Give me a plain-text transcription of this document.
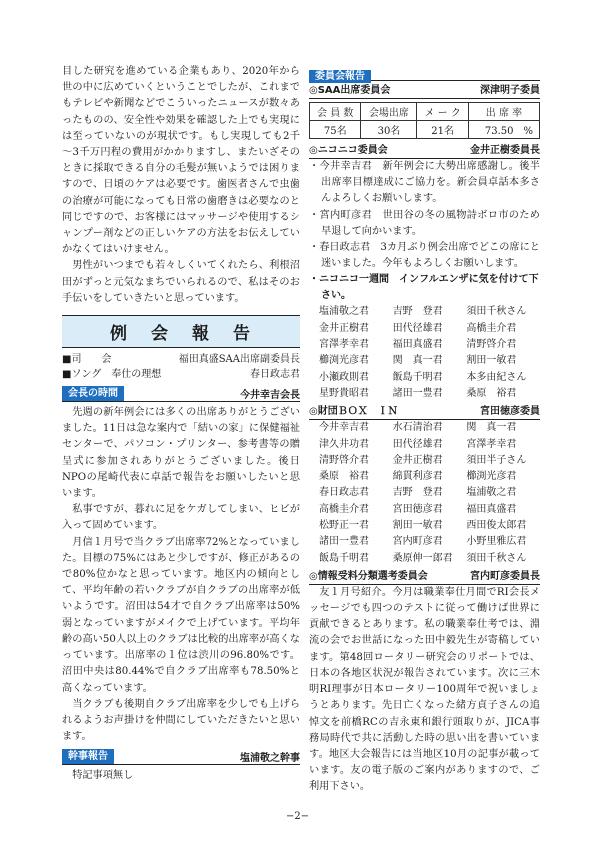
目した研究を進めている企業もあり、2020年から世の中に広めていくということでしたが、これまでもテレビや新聞などでこういったニュースが数々あったものの、安全性や効果を確認した上でも実現には至っていないのが現状です。もし実現しても2千～3千万円程の費用がかかりますし、またいざそのときに採取できる自分の毛髪が無いようでは困りますので、日頃のケアは必要です。歯医者さんで虫歯の治療が可能になっても日常の歯磨きは必要なのと同じですので、お客様にはマッサージや使用するシャンプー剤などの正しいケアの方法をお伝えしていかなくてはいけません。

男性がいつまでも若々しくいてくれたら、利根沼田がずっと元気なまちでいられるので、私はそのお手伝いをしていきたいと思っています。

例 会 報 告
■司　　会	福田真盛SAA出席副委員長
■ソング　奉仕の理想	春日政志君
会長の時間	今井幸吉会長

先週の新年例会には多くの出席ありがとうございました。11日は急な案内で「結いの家」に保健福祉センターで、パソコン・プリンター、参考書等の贈呈式に参加されありがとうございました。後日NPOの尾崎代表に卓話で報告をお願いしたいと思います。

私事ですが、暮れに足をケガしてしまい、ヒビが入って固めています。

月信１月号で当クラブ出席率72%となっていました。目標の75%にはあと少しですが、修正があるので80%位かなと思っています。地区内の傾向として、平均年齢の若いクラブが自クラブの出席率が低いようです。沼田は54才で自クラブ出席率は50%弱となっていますがメイクで上げています。平均年齢の高い50人以上のクラブは比較的出席率が高くなっています。出席率の１位は渋川の96.80%です。沼田中央は80.44%で自クラブ出席率も78.50%と高くなっています。

当クラブも後期自クラブ出席率を少しでも上げられるようお声掛けを仲間にしていただきたいと思います。

幹事報告	塩浦敬之幹事

特記事項無し

委員会報告
◎SAA出席委員会	深津明子委員
会 員 数	会場出席	メ ー ク	出 席 率
75名	30名	21名	73.50　%
◎ニコニコ委員会	金井正樹委員長
・今井幸吉君　新年例会に大勢出席感謝し。後半出席率目標達成にご協力を。新会員卓話本多さんよろしくお願いします。
・宮内町彦君　世田谷の冬の風物詩ボロ市のため早退して向かいます。
・春日政志君　3カ月ぶり例会出席でどこの席にと迷いました。今年もよろしくお願いします。
・ニコニコ一週間　インフルエンザに気を付けて下さい。
塩浦敬之君	吉野　登君	須田千秋さん
金井正樹君	田代径雄君	高橋圭介君
宮澤孝幸君	福田真盛君	清野啓介君
櫛渕光彦君	関　真一君	割田一敏君
小瀬政則君	飯島千明君	本多由紀さん
星野貴昭君	諸田一豊君	桑原　裕君
◎財団ＢＯＸ　ＩＮ	宮田徳彦委員
今井幸吉君	水石清治君	関　真一君
津久井功君	田代径雄君	宮澤孝幸君
清野啓介君	金井正樹君	須田半子さん
桑原　裕君	綿貫利彦君	櫛渕光彦君
春日政志君	吉野　登君	塩浦敬之君
高橋圭介君	宮田徳彦君	福田真盛君
松野正一君	割田一敏君	西田俊太郎君
諸田一豊君	宮内町彦君	小野里雅広君
飯島千明君	桑原伸一郎君	須田千秋さん
◎情報受料分類選考委員会	宮内町彦委員長

友１月号紹介。今月は職業奉仕月間でRI会長メッセージでも四つのテストに従って働けば世界に貢献できるとあります。私の職業奉仕考では、淵流の会でお世話になった田中毅先生が寄稿しています。第48回ロータリー研究会のリポートでは、日本の各地区状況が報告されています。次に三木明RI理事が日本ロータリー100周年で祝いましょうとあります。先日亡くなった緒方貞子さんの追悼文を前橋RCの吉永東和銀行頭取りが、JICA事務局時代で共に活動した時の思い出を書いています。地区大会報告には当地区10月の記事が載っています。友の電子版のご案内がありますので、ご利用下さい。

−2−
